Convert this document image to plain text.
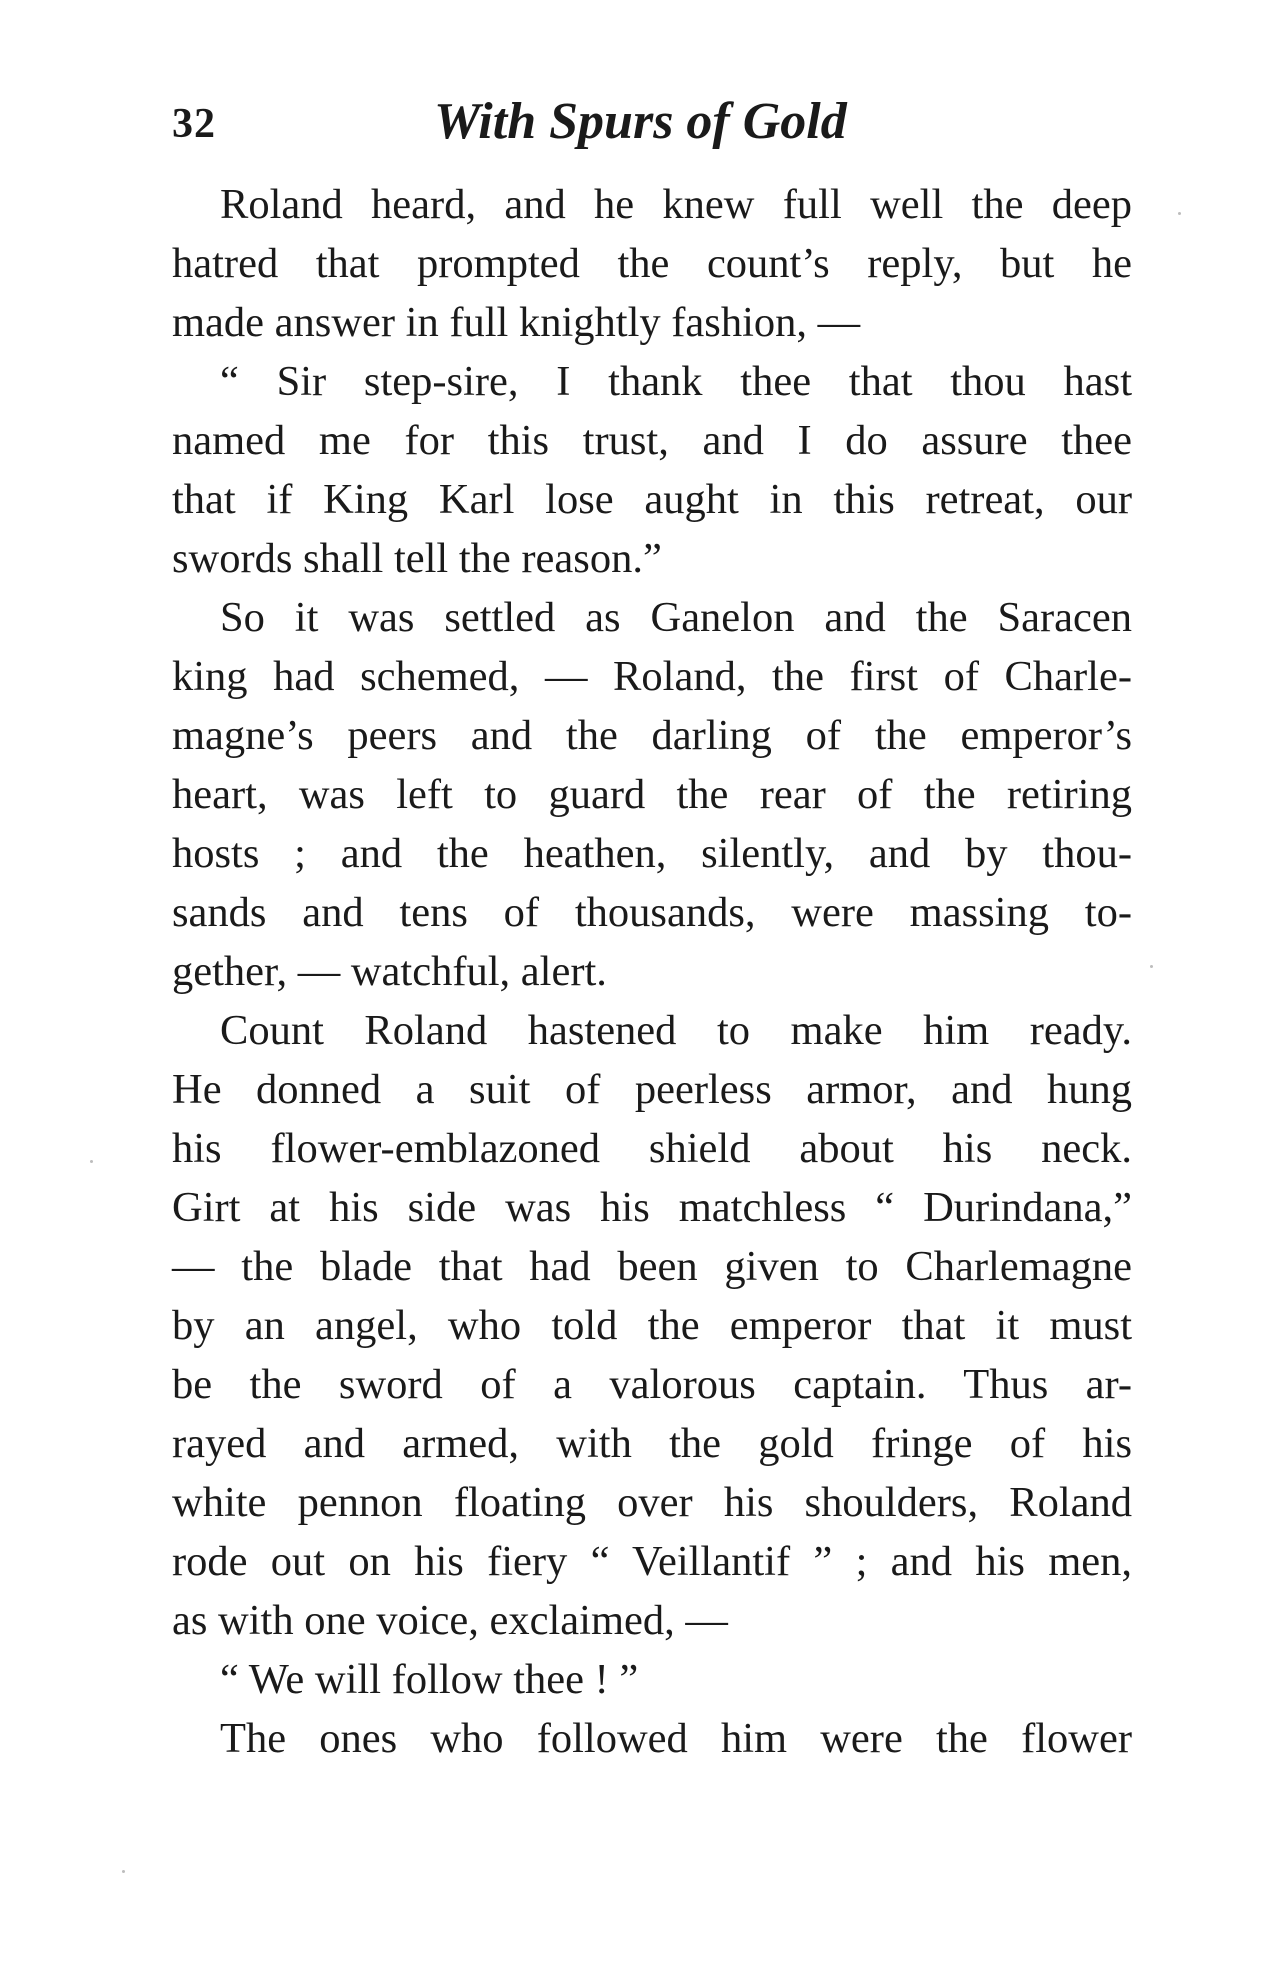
32	With Spurs of Gold
Roland heard, and he knew full well the deep
hatred that prompted the count’s reply, but he
made answer in full knightly fashion, —
“ Sir step-sire, I thank thee that thou hast
named me for this trust, and I do assure thee
that if King Karl lose aught in this retreat, our
swords shall tell the reason.”
So it was settled as Ganelon and the Saracen
king had schemed, — Roland, the first of Charle-
magne’s peers and the darling of the emperor’s
heart, was left to guard the rear of the retiring
hosts ; and the heathen, silently, and by thou-
sands and tens of thousands, were massing to-
gether, — watchful, alert.
Count Roland hastened to make him ready.
He donned a suit of peerless armor, and hung
his flower-emblazoned shield about his neck.
Girt at his side was his matchless “ Durindana,”
— the blade that had been given to Charlemagne
by an angel, who told the emperor that it must
be the sword of a valorous captain. Thus ar-
rayed and armed, with the gold fringe of his
white pennon floating over his shoulders, Roland
rode out on his fiery “ Veillantif ” ; and his men,
as with one voice, exclaimed, —
“ We will follow thee ! ”
The ones who followed him were the flower
